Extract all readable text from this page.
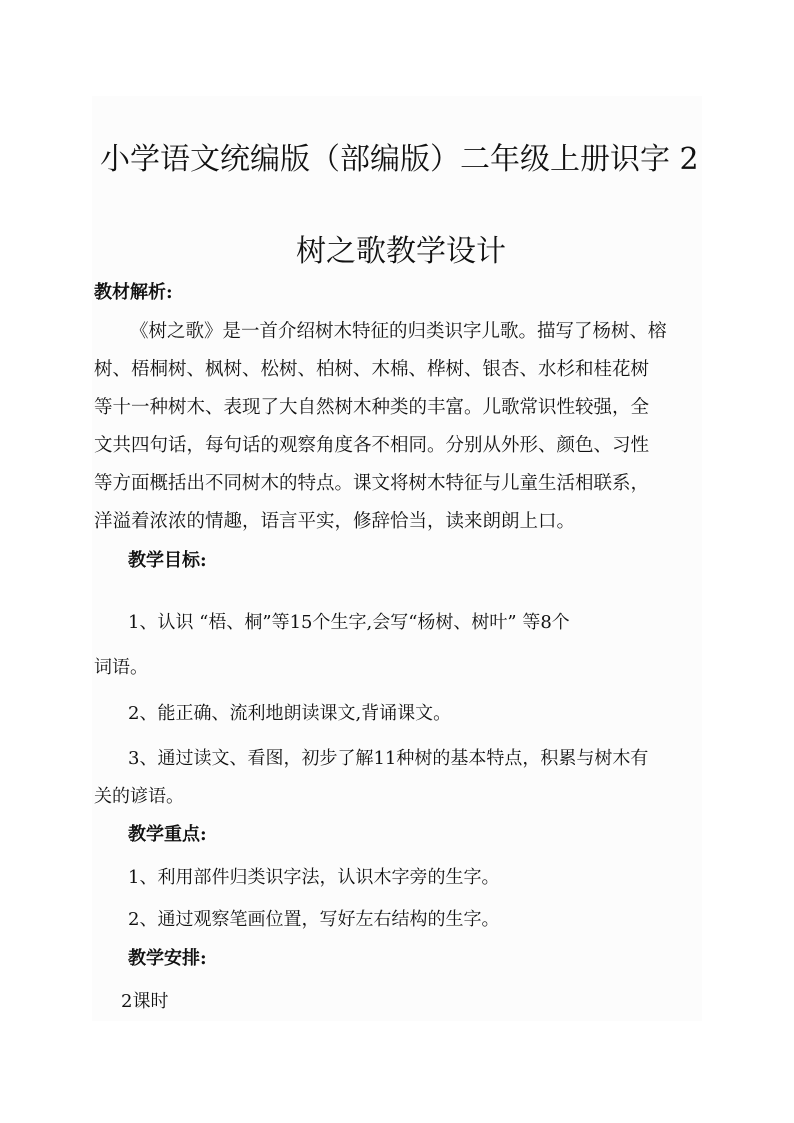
小学语文统编版（部编版）二年级上册识字 2
树之歌教学设计
教材解析:
《树之歌》是一首介绍树木特征的归类识字儿歌。描写了杨树、榕
树、梧桐树、枫树、松树、柏树、木棉、桦树、银杏、水杉和桂花树
等十一种树木、表现了大自然树木种类的丰富。儿歌常识性较强，全
文共四句话，每句话的观察角度各不相同。分别从外形、颜色、习性
等方面概括出不同树木的特点。课文将树木特征与儿童生活相联系，
洋溢着浓浓的情趣，语言平实，修辞恰当，读来朗朗上口。
教学目标:
1、认识 “梧、桐”等15个生字,会写“杨树、树叶” 等8个
词语。
2、能正确、流利地朗读课文,背诵课文。
3、通过读文、看图，初步了解11种树的基本特点，积累与树木有
关的谚语。
教学重点:
1、利用部件归类识字法，认识木字旁的生字。
2、通过观察笔画位置，写好左右结构的生字。
教学安排:
2课时
